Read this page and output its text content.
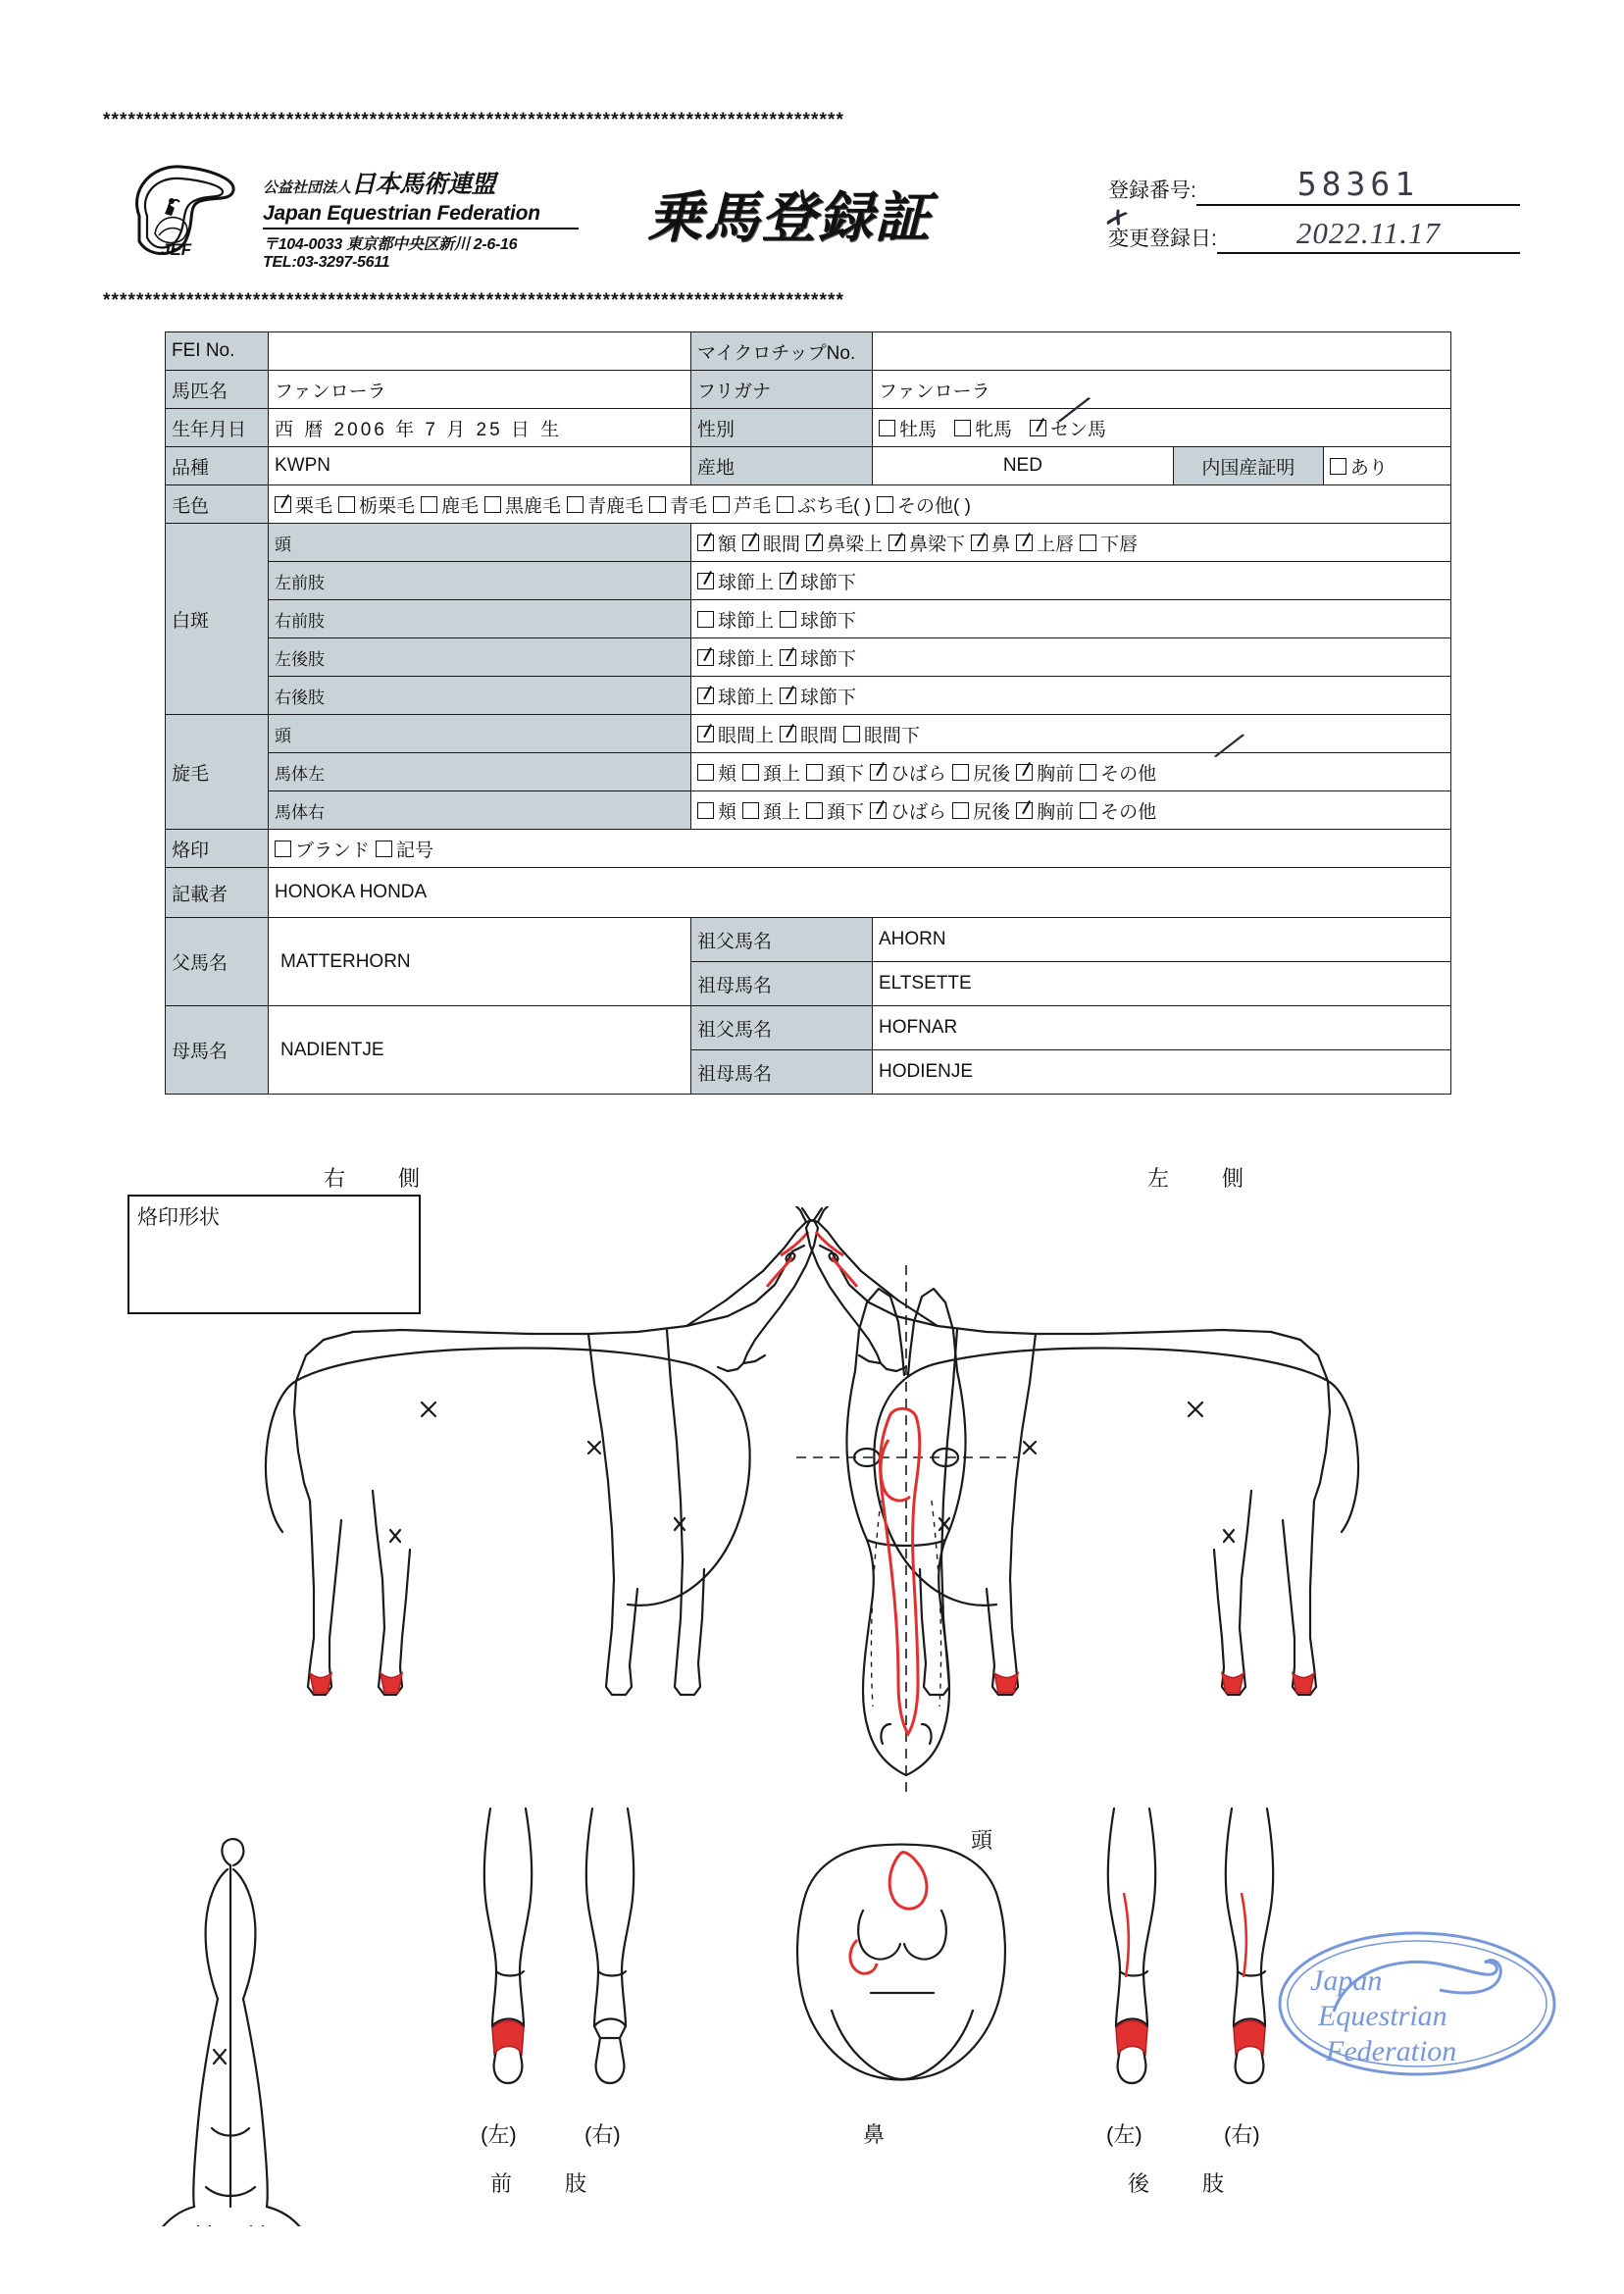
*****************************************************************************************
JEF
公益社団法人日本馬術連盟
Japan Equestrian Federation
〒104-0033 東京都中央区新川 2-6-16
TEL:03-3297-5611
乗馬登録証	登録番号:	58361
変更登録日:
✗	2022.11.17
*****************************************************************************************
FEI No.		マイクロチップNo.	
馬匹名	ファンローラ	フリガナ	ファンローラ
生年月日	西 暦 2006 年 7 月 25 日 生	性別	牡馬 牝馬 セン馬
╱

品種	KWPN	産地		NED	内国産証明	あり

毛色	栗毛 栃栗毛 鹿毛 黒鹿毛 青鹿毛 青毛 芦毛 ぶち毛( ) その他( )
白斑	頭	額 眼間 鼻梁上 鼻梁下 鼻 上唇 下唇
左前肢	球節上 球節下
右前肢	球節上 球節下
左後肢	球節上 球節下
右後肢	球節上 球節下
旋毛	頭	眼間上 眼間 眼間下
馬体左	頬 頚上 頚下 ひばら 尻後 胸前 その他
╱

馬体右	頬 頚上 頚下 ひばら 尻後 胸前 その他
烙印	ブランド 記号
記載者	HONOKA HONDA
父馬名	MATTERHORN	祖父馬名	AHORN
祖母馬名	ELTSETTE
母馬名	NADIENTJE	祖父馬名	HOFNAR
祖母馬名	HODIENJE
烙印形状
右　側	左　側
頭
鼻
(左)	(右)
前　肢
(左)	(右)
後　肢
Japan
Equestrian
Federation
